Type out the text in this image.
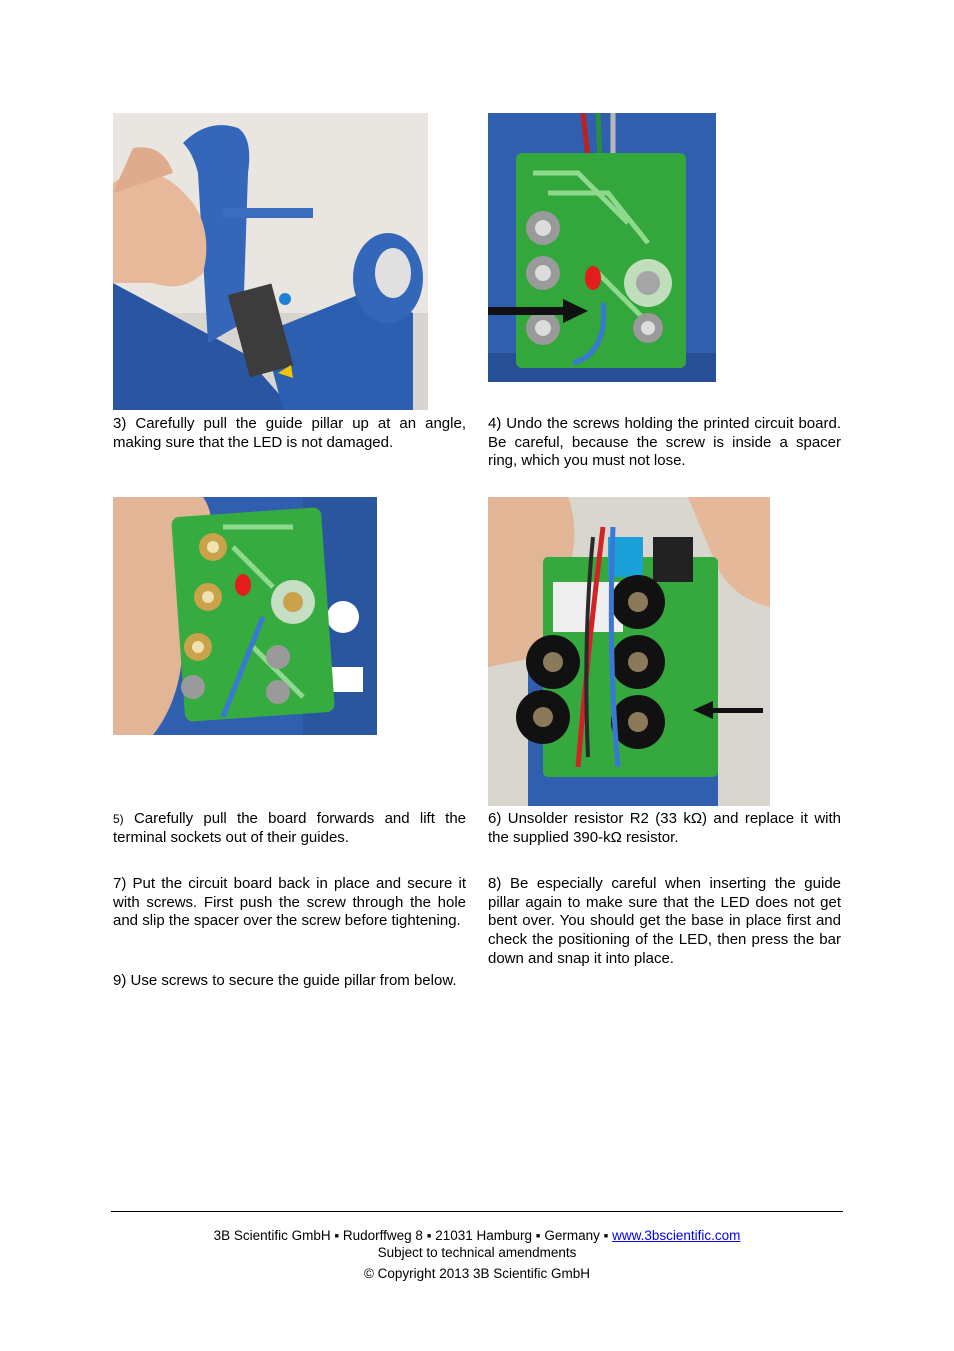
3) Carefully pull the guide pillar up at an angle, making sure that the LED is not damaged.

4) Undo the screws holding the printed circuit board. Be careful, because the screw is inside a spacer ring, which you must not lose.

5) Carefully pull the board forwards and lift the terminal sockets out of their guides.

6) Unsolder resistor R2 (33 kΩ) and replace it with the supplied 390-kΩ resistor.

7) Put the circuit board back in place and secure it with screws. First push the screw through the hole and slip the spacer over the screw before tightening.

8) Be especially careful when inserting the guide pillar again to make sure that the LED does not get bent over. You should get the base in place first and check the positioning of the LED, then press the bar down and snap it into place.

9) Use screws to secure the guide pillar from below.

3B Scientific GmbH ▪ Rudorffweg 8 ▪ 21031 Hamburg ▪ Germany ▪ www.3bscientific.com
Subject to technical amendments
© Copyright 2013 3B Scientific GmbH
